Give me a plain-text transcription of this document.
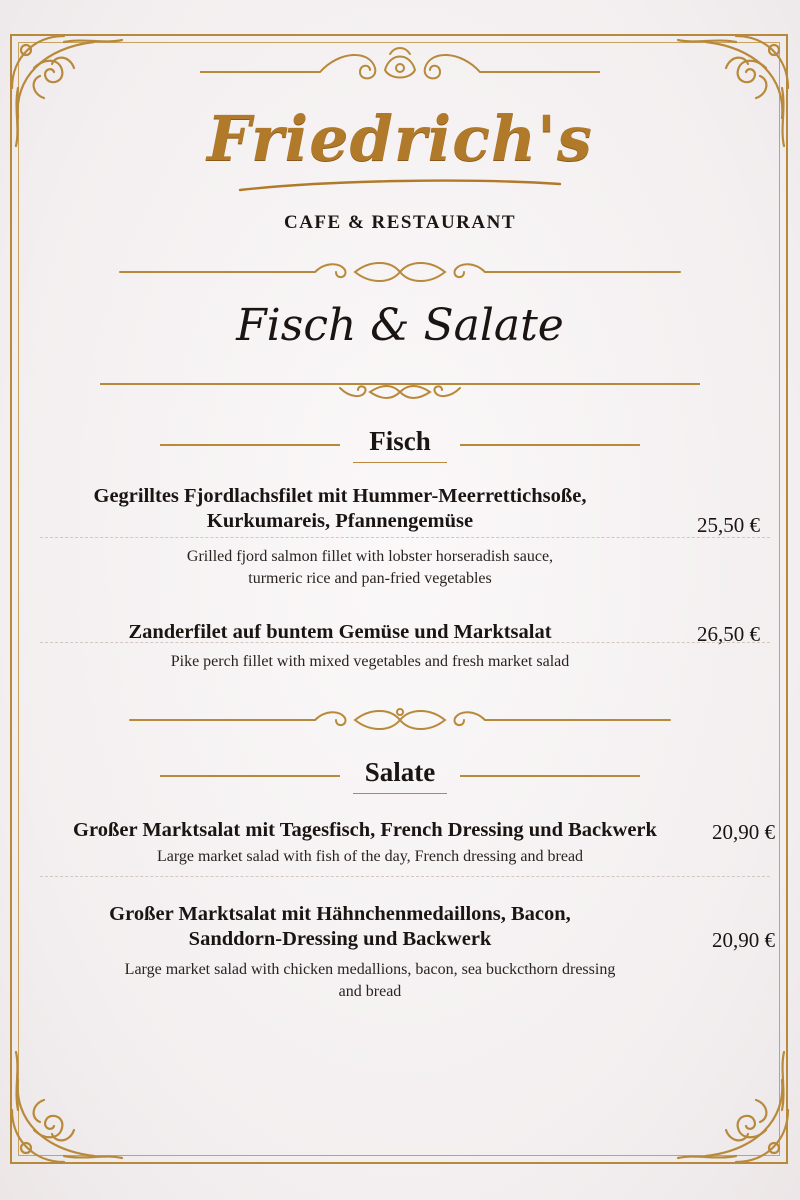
Friedrich's
CAFE & RESTAURANT
Fisch & Salate
Fisch
Gegrilltes Fjordlachsfilet mit Hummer-Meerrettichsoße,
Kurkumareis, Pfannengemüse	25,50 €
Grilled fjord salmon fillet with lobster horseradish sauce,
turmeric rice and pan-fried vegetables
Zanderfilet auf buntem Gemüse und Marktsalat	26,50 €
Pike perch fillet with mixed vegetables and fresh market salad
Salate
Großer Marktsalat mit Tagesfisch, French Dressing und Backwerk	20,90 €
Large market salad with fish of the day, French dressing and bread
Großer Marktsalat mit Hähnchenmedaillons, Bacon,
Sanddorn-Dressing und Backwerk	20,90 €
Large market salad with chicken medallions, bacon, sea buckcthorn dressing
and bread
